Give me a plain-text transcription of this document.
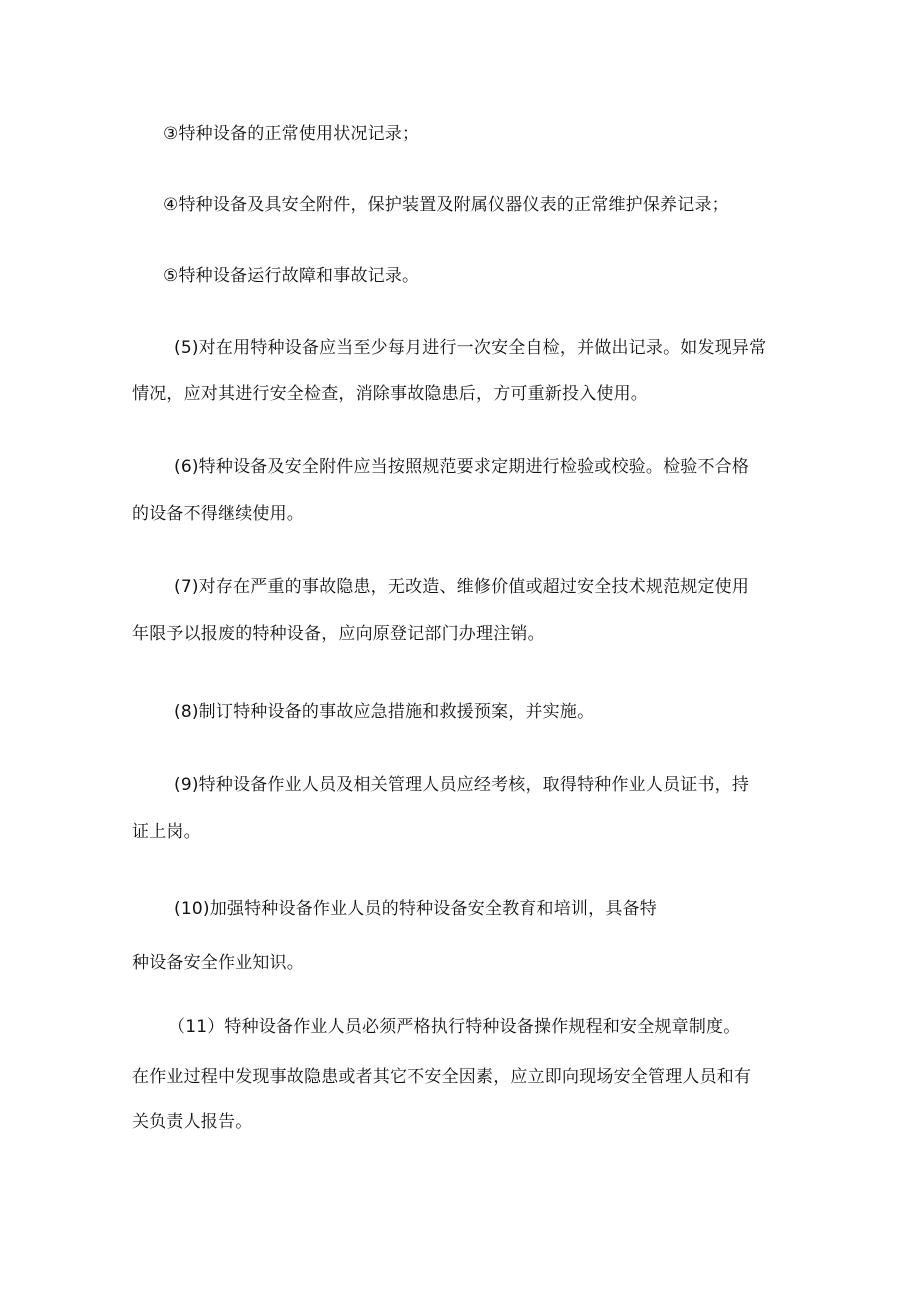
③特种设备的正常使用状况记录；
④特种设备及具安全附件，保护装置及附属仪器仪表的正常维护保养记录；
⑤特种设备运行故障和事故记录。
(5)对在用特种设备应当至少每月进行一次安全自检，并做出记录。如发现异常
情况，应对其进行安全检查，消除事故隐患后，方可重新投入使用。
(6)特种设备及安全附件应当按照规范要求定期进行检验或校验。检验不合格
的设备不得继续使用。
(7)对存在严重的事故隐患，无改造、维修价值或超过安全技术规范规定使用
年限予以报废的特种设备，应向原登记部门办理注销。
(8)制订特种设备的事故应急措施和救援预案，并实施。
(9)特种设备作业人员及相关管理人员应经考核，取得特种作业人员证书，持
证上岗。
(10)加强特种设备作业人员的特种设备安全教育和培训，具备特
种设备安全作业知识。
（11）特种设备作业人员必须严格执行特种设备操作规程和安全规章制度。
在作业过程中发现事故隐患或者其它不安全因素，应立即向现场安全管理人员和有
关负责人报告。
